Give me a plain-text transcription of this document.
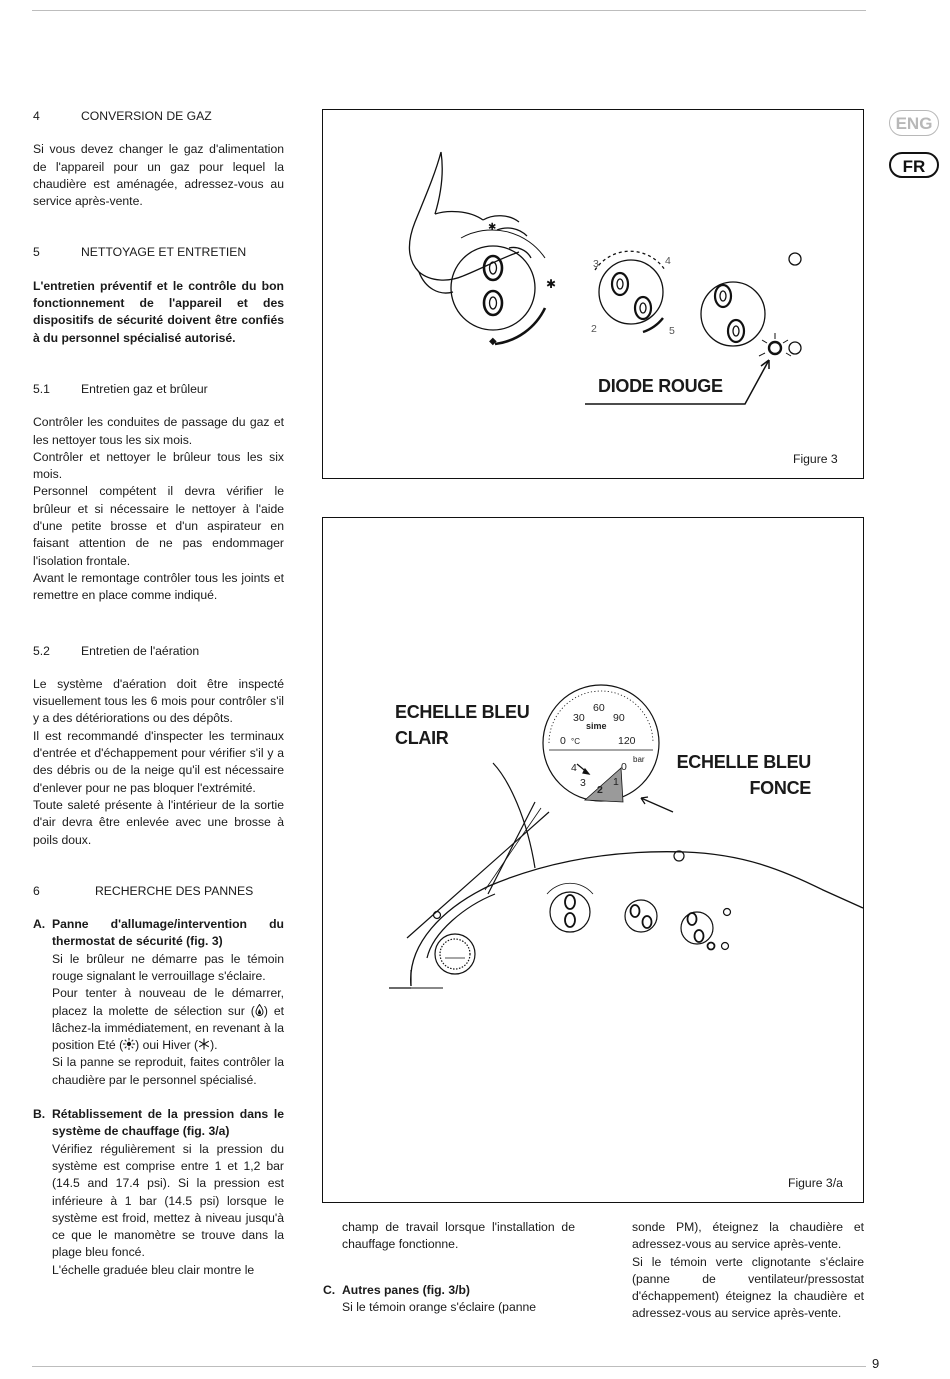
ENG
FR
4	CONVERSION DE GAZ

Si vous devez changer le gaz d'alimentation de l'appareil pour un gaz pour lequel la chaudière est aménagée, adressez-vous au service après-vente.

5	NETTOYAGE ET ENTRETIEN

L'entretien préventif et le contrôle du bon fonctionnement de l'appareil et des dispositifs de sécurité doivent être confiés à du personnel spécialisé autorisé.

5.1	Entretien gaz et brûleur

Contrôler les conduites de passage du gaz et les nettoyer tous les six mois.

Contrôler et nettoyer le brûleur tous les six mois.

Personnel compétent il devra vérifier le brûleur et si nécessaire le nettoyer à l'aide d'une petite brosse et d'un aspirateur en faisant attention de ne pas endommager l'isolation frontale.

Avant le remontage contrôler tous les joints et remettre en place comme indiqué.

5.2	Entretien de l'aération

Le système d'aération doit être inspecté visuellement tous les 6 mois pour contrôler s'il y a des détériorations ou des dépôts.

Il est recommandé d'inspecter les terminaux d'entrée et d'échappement pour vérifier s'il y a des débris ou de la neige qu'il est nécessaire d'enlever pour ne pas bloquer l'extrémité.

Toute saleté présente à l'intérieur de la sortie d'air devra être enlevée avec une brosse à poils doux.

6	RECHERCHE DES PANNES
A. Panne d'allumage/intervention du thermostat de sécurité (fig. 3)

Si le brûleur ne démarre pas le témoin rouge signalant le verrouillage s'éclaire.

Pour tenter à nouveau de le démarrer, placez la molette de sélection sur ( ) et lâchez-la immédiatement, en revenant à la position Eté ( ) oui Hiver ( ).

Si la panne se reproduit, faites contrôler la chaudière par le personnel spécialisé.

B. Rétablissement de la pression dans le système de chauffage (fig. 3/a)

Vérifiez régulièrement si la pression du système est comprise entre 1 et 1,2 bar (14.5 and 17.4 psi). Si la pression est inférieure à 1 bar (14.5 psi) lorsque le système est froid, mettez à niveau jusqu'à ce que le manomètre se trouve dans la plage bleu foncé.

L'échelle graduée bleu clair montre le

✱
◆
✱
3	4
2	5
DIODE ROUGE
Figure 3
30
60
90
0 °C	120
4
3
2
1
0
bar
sime
ECHELLE BLEU
CLAIR
ECHELLE BLEU
FONCE
Figure 3/a

champ de travail lorsque l'installation de chauffage fonctionne.

C. Autres panes (fig. 3/b)

Si le témoin orange s'éclaire (panne

sonde PM), éteignez la chaudière et adressez-vous au service après-vente.

Si le témoin verte clignotante s'éclaire (panne de ventilateur/pressostat d'échappement) éteignez la chaudière et adressez-vous au service après-vente.

9
